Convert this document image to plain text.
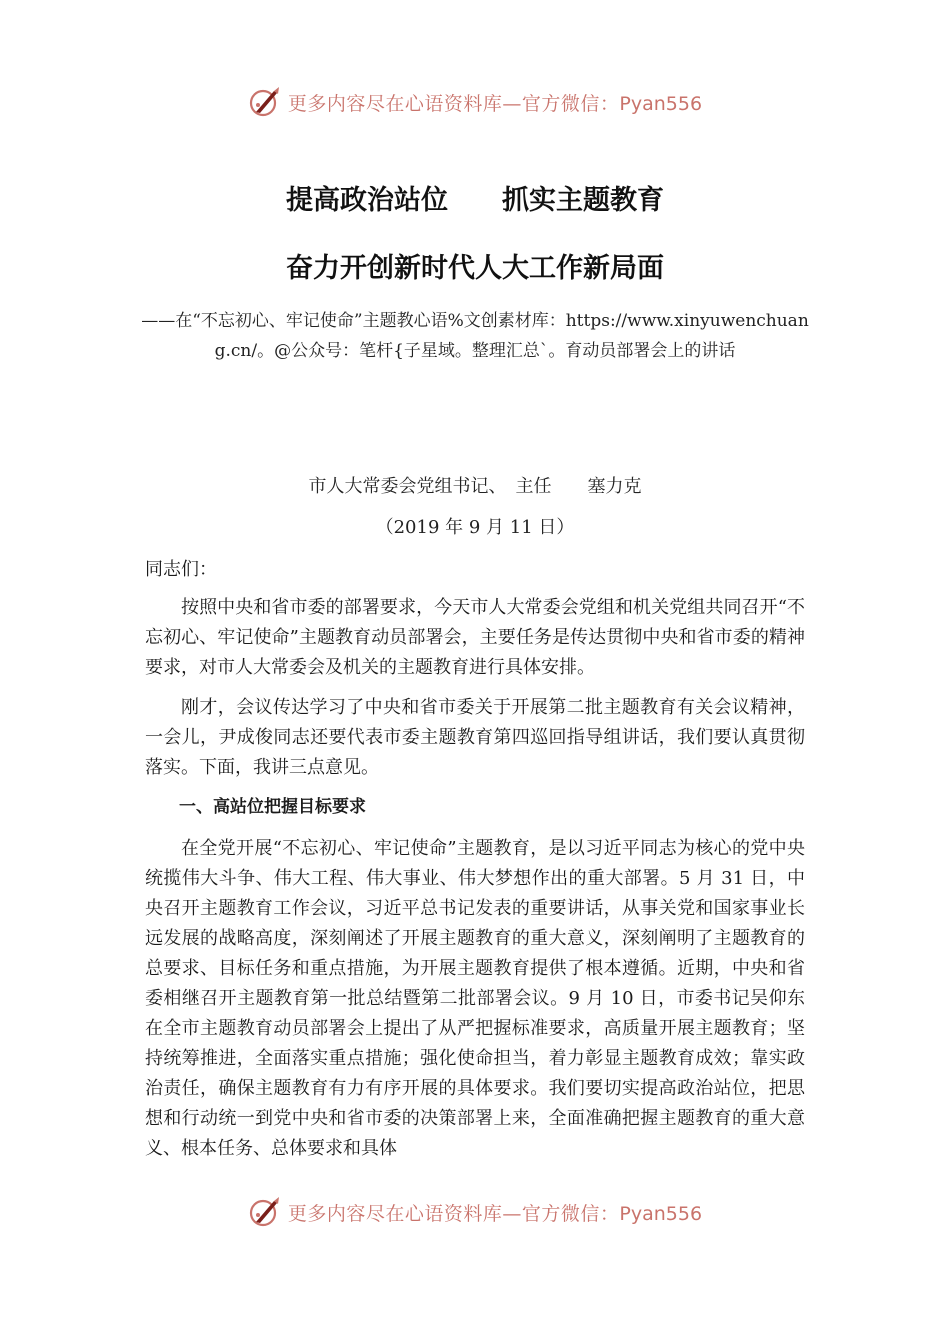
更多内容尽在心语资料库—官方微信：Pyan556
提高政治站位　　抓实主题教育
奋力开创新时代人大工作新局面
——在“不忘初心、牢记使命”主题教心语%文创素材库：https://www.xinyuwenchuang.cn/。@公众号：笔杆{子星域。整理汇总`。育动员部署会上的讲话
市人大常委会党组书记、　主任　　塞力克
（2019 年 9 月 11 日）
同志们：

按照中央和省市委的部署要求，今天市人大常委会党组和机关党组共同召开“不忘初心、牢记使命”主题教育动员部署会，主要任务是传达贯彻中央和省市委的精神要求，对市人大常委会及机关的主题教育进行具体安排。

刚才，会议传达学习了中央和省市委关于开展第二批主题教育有关会议精神，一会儿，尹成俊同志还要代表市委主题教育第四巡回指导组讲话，我们要认真贯彻落实。下面，我讲三点意见。

一、高站位把握目标要求

在全党开展“不忘初心、牢记使命”主题教育，是以习近平同志为核心的党中央统揽伟大斗争、伟大工程、伟大事业、伟大梦想作出的重大部署。5 月 31 日，中央召开主题教育工作会议，习近平总书记发表的重要讲话，从事关党和国家事业长远发展的战略高度，深刻阐述了开展主题教育的重大意义，深刻阐明了主题教育的总要求、目标任务和重点措施，为开展主题教育提供了根本遵循。近期，中央和省委相继召开主题教育第一批总结暨第二批部署会议。9 月 10 日，市委书记吴仰东在全市主题教育动员部署会上提出了从严把握标准要求，高质量开展主题教育；坚持统筹推进，全面落实重点措施；强化使命担当，着力彰显主题教育成效；靠实政治责任，确保主题教育有力有序开展的具体要求。我们要切实提高政治站位，把思想和行动统一到党中央和省市委的决策部署上来，全面准确把握主题教育的重大意义、根本任务、总体要求和具体

更多内容尽在心语资料库—官方微信：Pyan556
